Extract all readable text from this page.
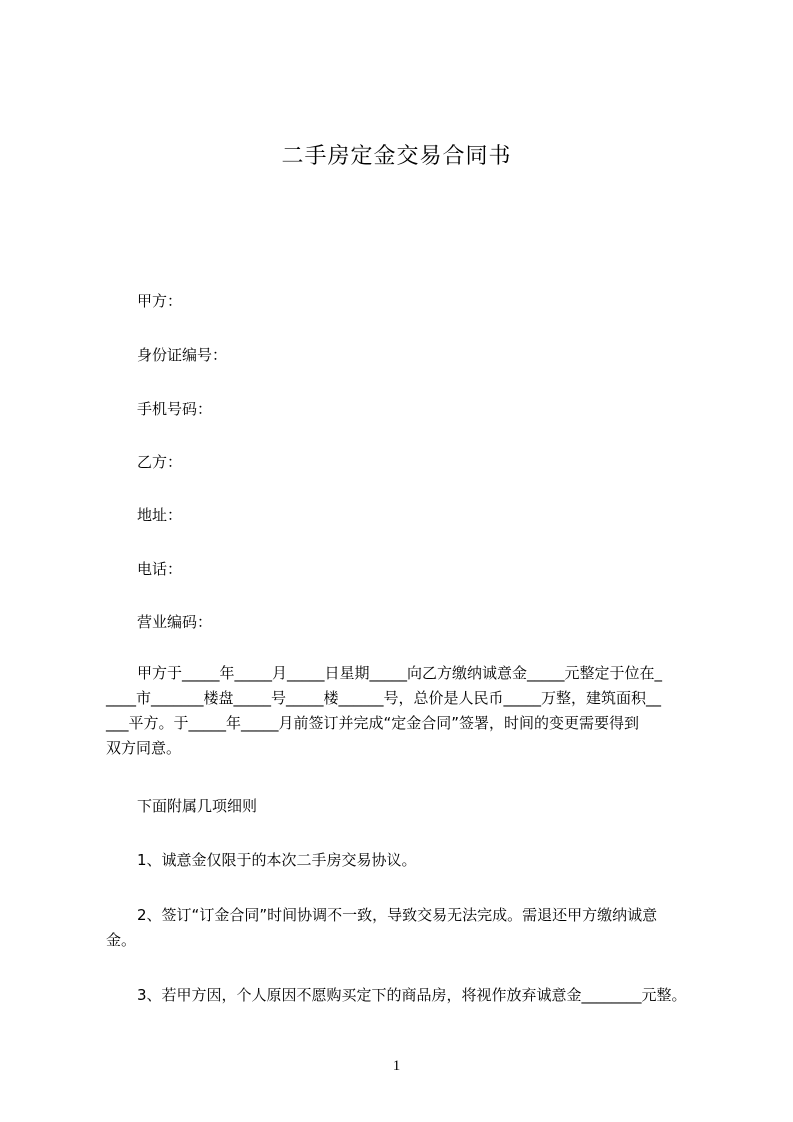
二手房定金交易合同书
甲方：
身份证编号：
手机号码：
乙方：
地址：
电话：
营业编码：
甲方于_____年_____月_____日星期_____向乙方缴纳诚意金_____元整定于位在_
____市_______楼盘_____号_____楼______号，总价是人民币_____万整，建筑面积__
___平方。于_____年_____月前签订并完成“定金合同”签署，时间的变更需要得到
双方同意。
下面附属几项细则
1、诚意金仅限于的本次二手房交易协议。
2、签订“订金合同”时间协调不一致，导致交易无法完成。需退还甲方缴纳诚意
金。
3、若甲方因，个人原因不愿购买定下的商品房，将视作放弃诚意金________元整。
1
